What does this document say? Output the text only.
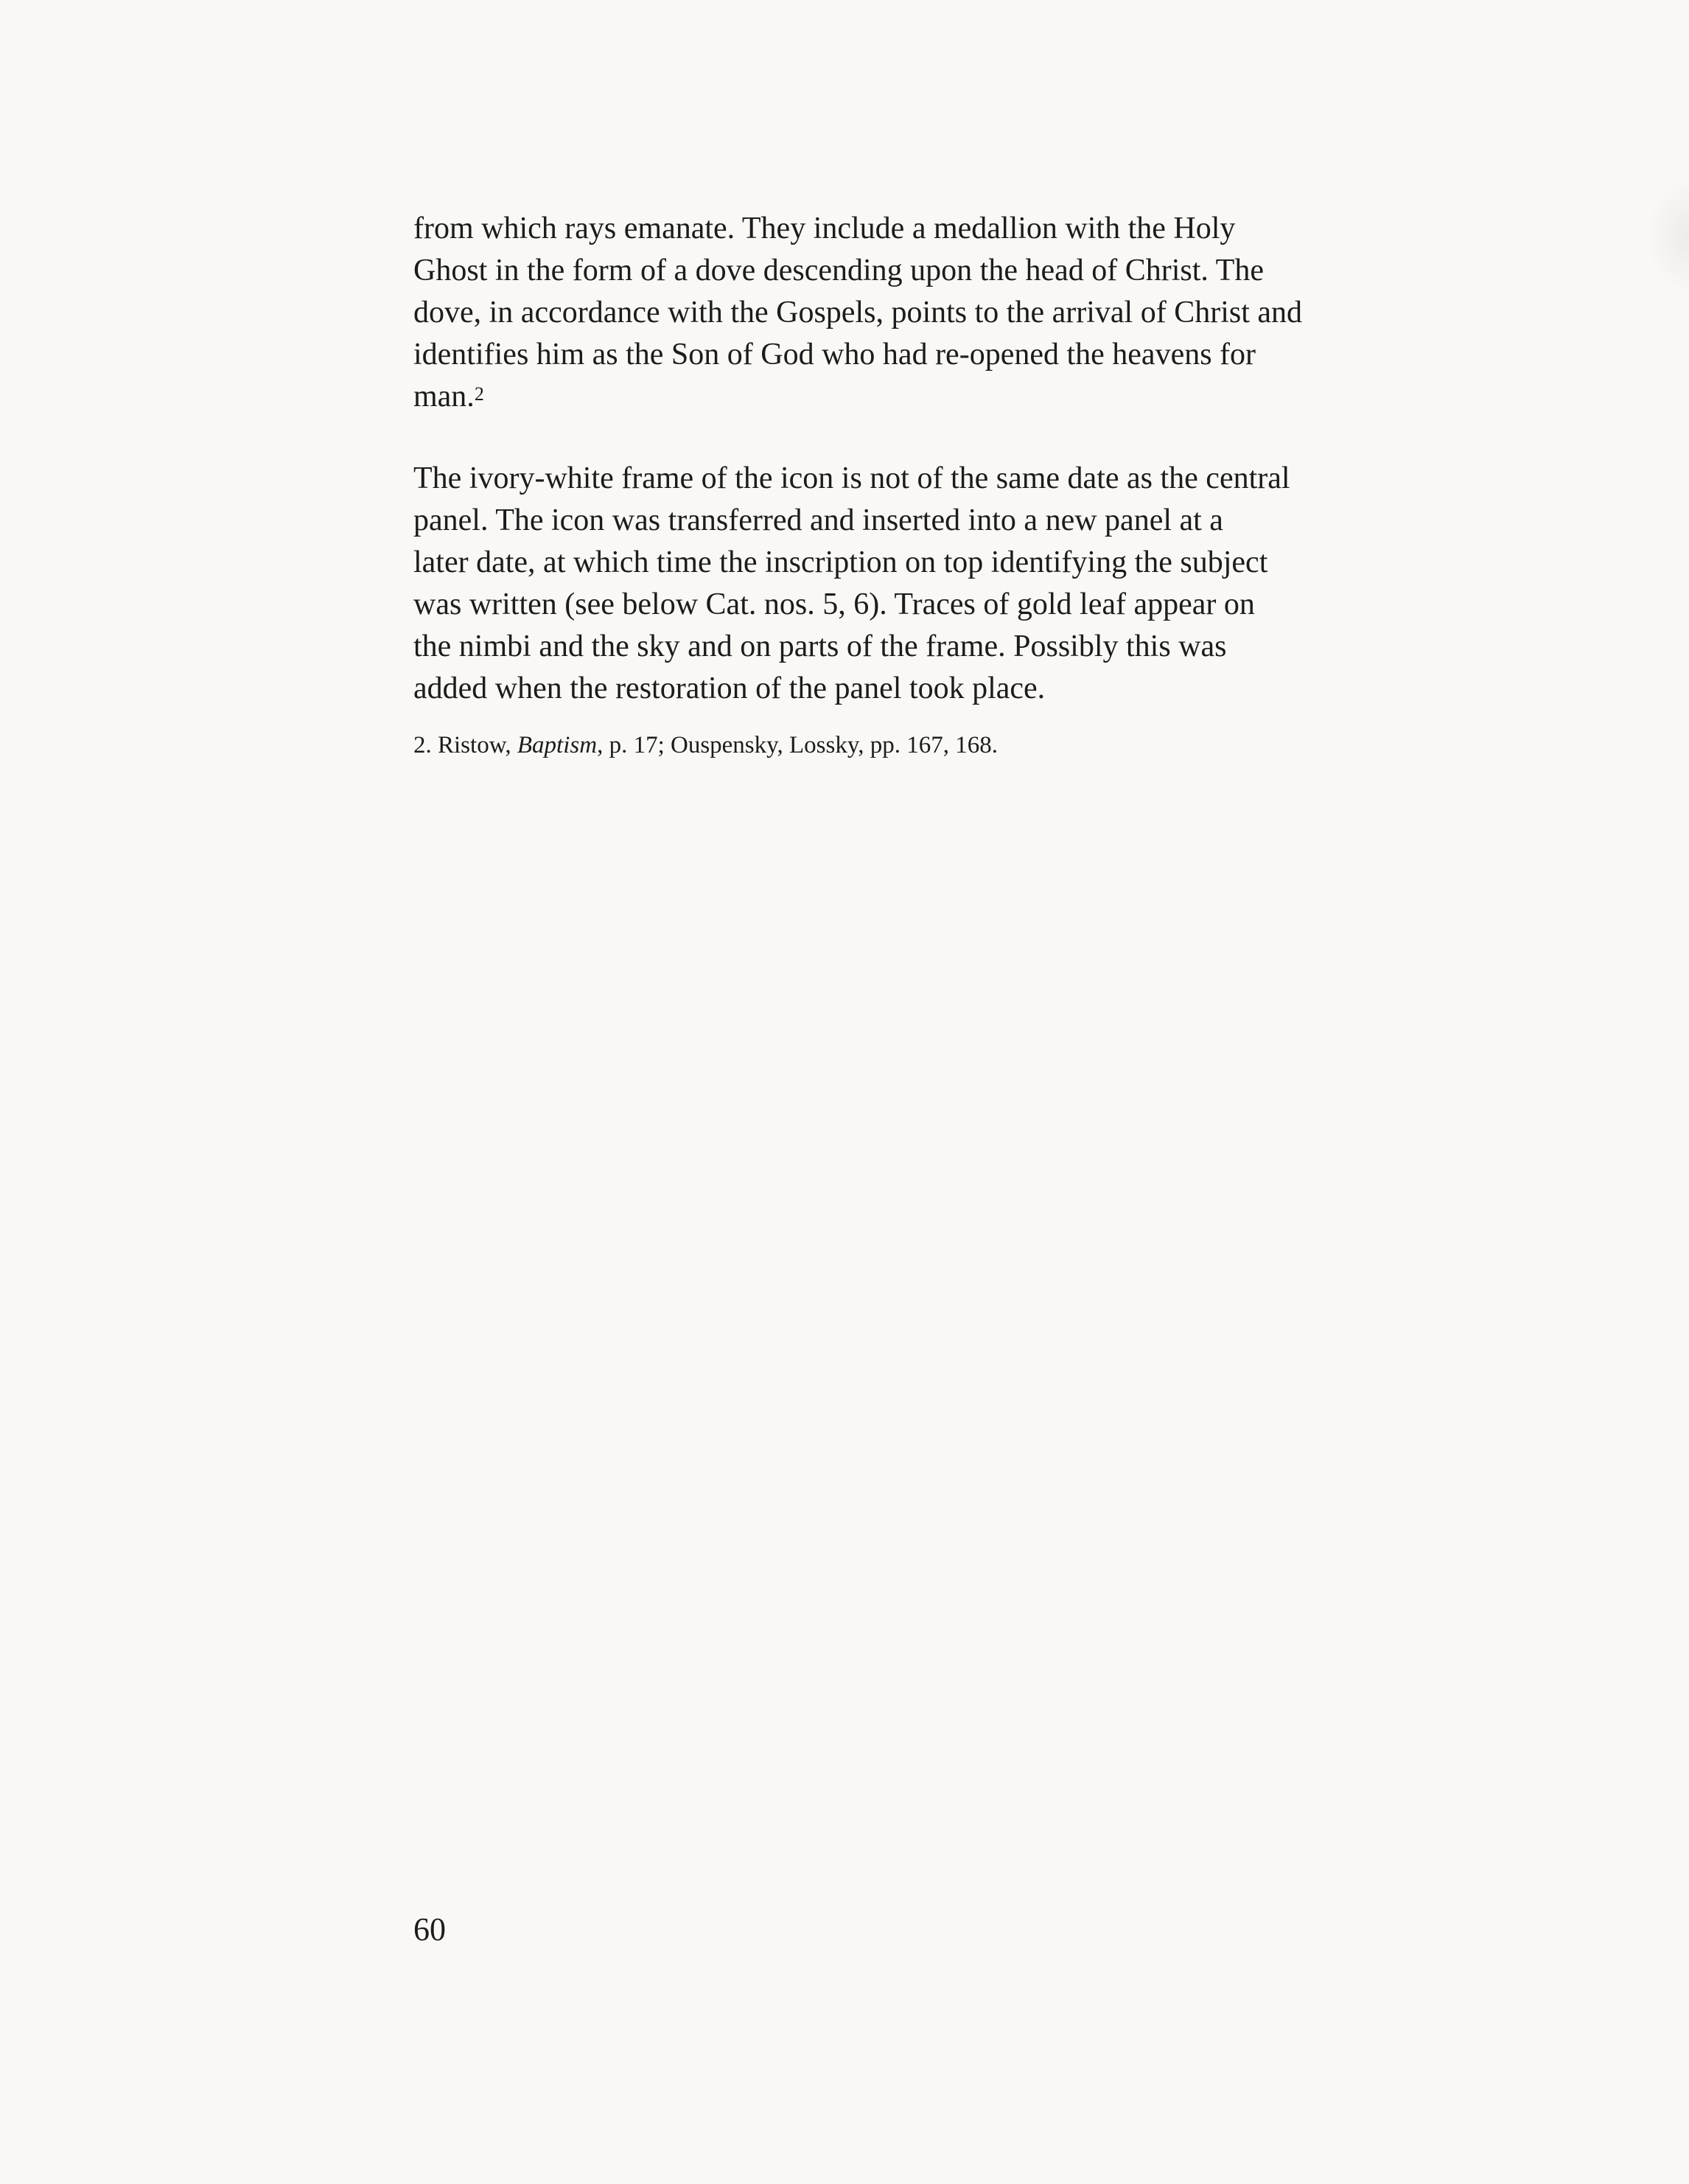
from which rays emanate. They include a medallion with the Holy
Ghost in the form of a dove descending upon the head of Christ. The
dove, in accordance with the Gospels, points to the arrival of Christ and
identifies him as the Son of God who had re-opened the heavens for
man.$^2$

The ivory-white frame of the icon is not of the same date as the central
panel. The icon was transferred and inserted into a new panel at a
later date, at which time the inscription on top identifying the subject
was written (see below Cat. nos. 5, 6). Traces of gold leaf appear on
the nimbi and the sky and on parts of the frame. Possibly this was
added when the restoration of the panel took place.

2. Ristow, Baptism, p. 17; Ouspensky, Lossky, pp. 167, 168.
60
